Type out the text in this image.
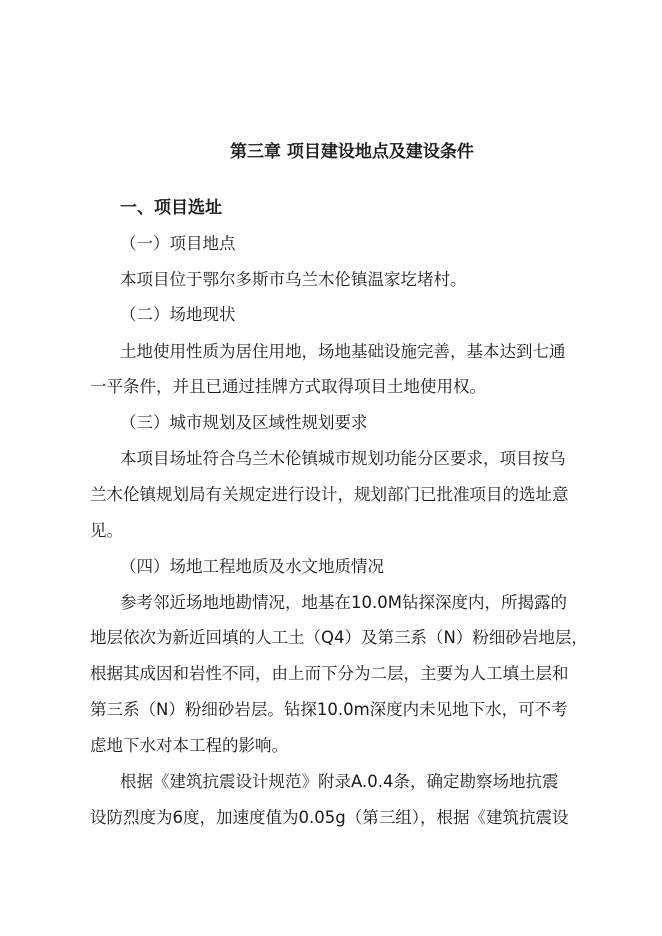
第三章 项目建设地点及建设条件
一、项目选址
（一）项目地点
本项目位于鄂尔多斯市乌兰木伦镇温家圪堵村。
（二）场地现状
土地使用性质为居住用地，场地基础设施完善，基本达到七通
一平条件，并且已通过挂牌方式取得项目土地使用权。
（三）城市规划及区域性规划要求
本项目场址符合乌兰木伦镇城市规划功能分区要求，项目按乌
兰木伦镇规划局有关规定进行设计，规划部门已批准项目的选址意
见。
（四）场地工程地质及水文地质情况
参考邻近场地地勘情况，地基在10.0M钻探深度内，所揭露的
地层依次为新近回填的人工土（Q4）及第三系（N）粉细砂岩地层，
根据其成因和岩性不同，由上而下分为二层，主要为人工填土层和
第三系（N）粉细砂岩层。钻探10.0m深度内未见地下水，可不考
虑地下水对本工程的影响。
根据《建筑抗震设计规范》附录A.0.4条，确定勘察场地抗震
设防烈度为6度，加速度值为0.05g（第三组），根据《建筑抗震设
